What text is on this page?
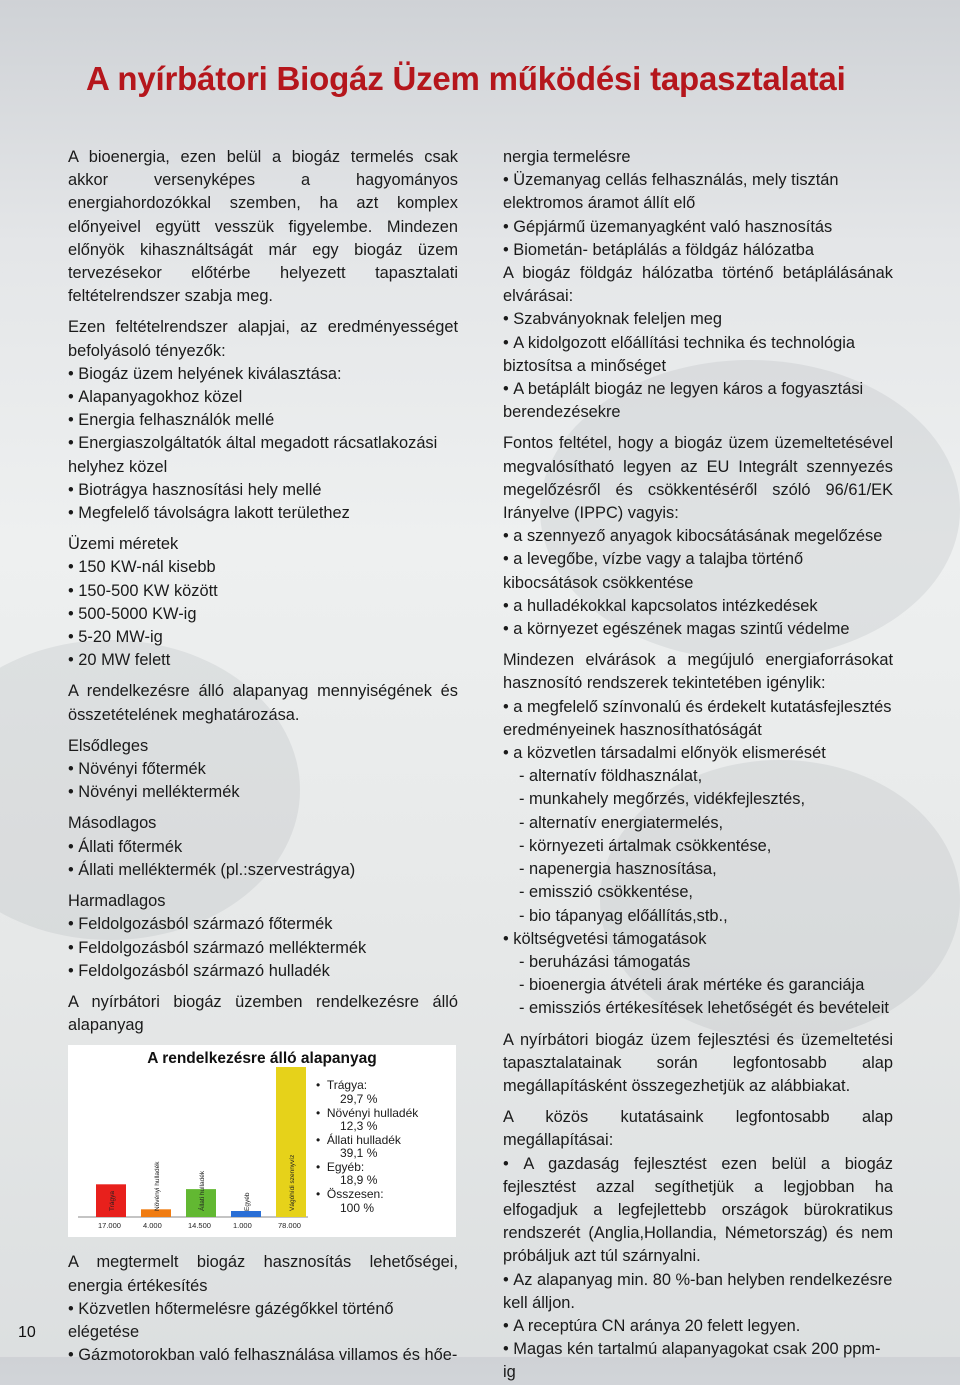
A nyírbátori Biogáz Üzem működési tapasztalatai

A bioenergia, ezen belül a biogáz termelés csak akkor versenyképes a hagyományos energiahordozókkal szemben, ha azt komplex előnyeivel együtt vesszük figyelembe. Mindezen előnyök kihasználtságát már egy biogáz üzem tervezésekor előtérbe helyezett tapasztalati feltételrendszer szabja meg.

Ezen feltételrendszer alapjai, az eredményességet befolyásoló tényezők:

• Biogáz üzem helyének kiválasztása:

• Alapanyagokhoz közel

• Energia felhasználók mellé

• Energiaszolgáltatók által megadott rácsatlakozási helyhez közel

• Biotrágya hasznosítási hely mellé

• Megfelelő távolságra lakott területhez

Üzemi méretek

• 150 KW-nál kisebb

• 150-500 KW között

• 500-5000 KW-ig

• 5-20 MW-ig

• 20 MW felett

A rendelkezésre álló alapanyag mennyiségének és összetételének meghatározása.

Elsődleges

• Növényi főtermék

• Növényi melléktermék

Másodlagos

• Állati főtermék

• Állati melléktermék (pl.:szervestrágya)

Harmadlagos

• Feldolgozásból származó főtermék

• Feldolgozásból származó melléktermék

• Feldolgozásból származó hulladék

A nyírbátori biogáz üzemben rendelkezésre álló alapanyag

A rendelkezésre álló alapanyag
Trágya
17.000
Növényi hulladék
4.000
Állati hulladék
14.500
Egyéb
1.000
Vágóhídi szennyvíz
78.000
•  Trágya:
29,7 %
•  Növényi hulladék
12,3 %
•  Állati hulladék
39,1 %
•  Egyéb:
18,9 %
•  Összesen:
100 %

A megtermelt biogáz hasznosítás lehetőségei, energia értékesítés

• Közvetlen hőtermelésre gázégőkkel történő elégetése

• Gázmotorokban való felhasználása villamos és hőe-

nergia termelésre

• Üzemanyag cellás felhasználás, mely tisztán elektromos áramot állít elő

• Gépjármű üzemanyagként való hasznosítás

• Biometán- betáplálás a földgáz hálózatba

A biogáz földgáz hálózatba történő betáplálásának elvárásai:

• Szabványoknak feleljen meg

• A kidolgozott előállítási technika és technológia biztosítsa a minőséget

• A betáplált biogáz ne legyen káros a fogyasztási berendezésekre

Fontos feltétel, hogy a biogáz üzem üzemeltetésével megvalósítható legyen az EU Integrált szennyezés megelőzésről és csökkentéséről szóló 96/61/EK Irányelve (IPPC) vagyis:

• a szennyező anyagok kibocsátásának megelőzése

• a levegőbe, vízbe vagy a talajba történő kibocsátások csökkentése

• a hulladékokkal kapcsolatos intézkedések

• a környezet egészének magas szintű védelme

Mindezen elvárások a megújuló energiaforrásokat hasznosító rendszerek tekintetében igénylik:

• a megfelelő színvonalú és érdekelt kutatásfejlesztés eredményeinek hasznosíthatóságát

• a közvetlen társadalmi előnyök elismerését

- alternatív földhasználat,

- munkahely megőrzés, vidékfejlesztés,

- alternatív energiatermelés,

- környezeti ártalmak csökkentése,

- napenergia hasznosítása,

- emisszió csökkentése,

- bio tápanyag előállítás,stb.,

• költségvetési támogatások

- beruházási támogatás

- bioenergia átvételi árak mértéke és garanciája

- emissziós értékesítések lehetőségét és bevételeit

A nyírbátori biogáz üzem fejlesztési és üzemeltetési tapasztalatainak során legfontosabb alap megállapításként összegezhetjük az alábbiakat.

A közös kutatásaink legfontosabb alap megállapításai:

• A gazdaság fejlesztést ezen belül a biogáz fejlesztést azzal segíthetjük a legjobban ha elfogadjuk a legfejlettebb országok bürokratikus rendszerét (Anglia,Hollandia, Németország) és nem próbáljuk azt túl szárnyalni.

• Az alapanyag min. 80 %-ban helyben rendelkezésre kell álljon.

• A receptúra CN aránya 20 felett legyen.

• Magas kén tartalmú alapanyagokat csak 200 ppm-ig

10
